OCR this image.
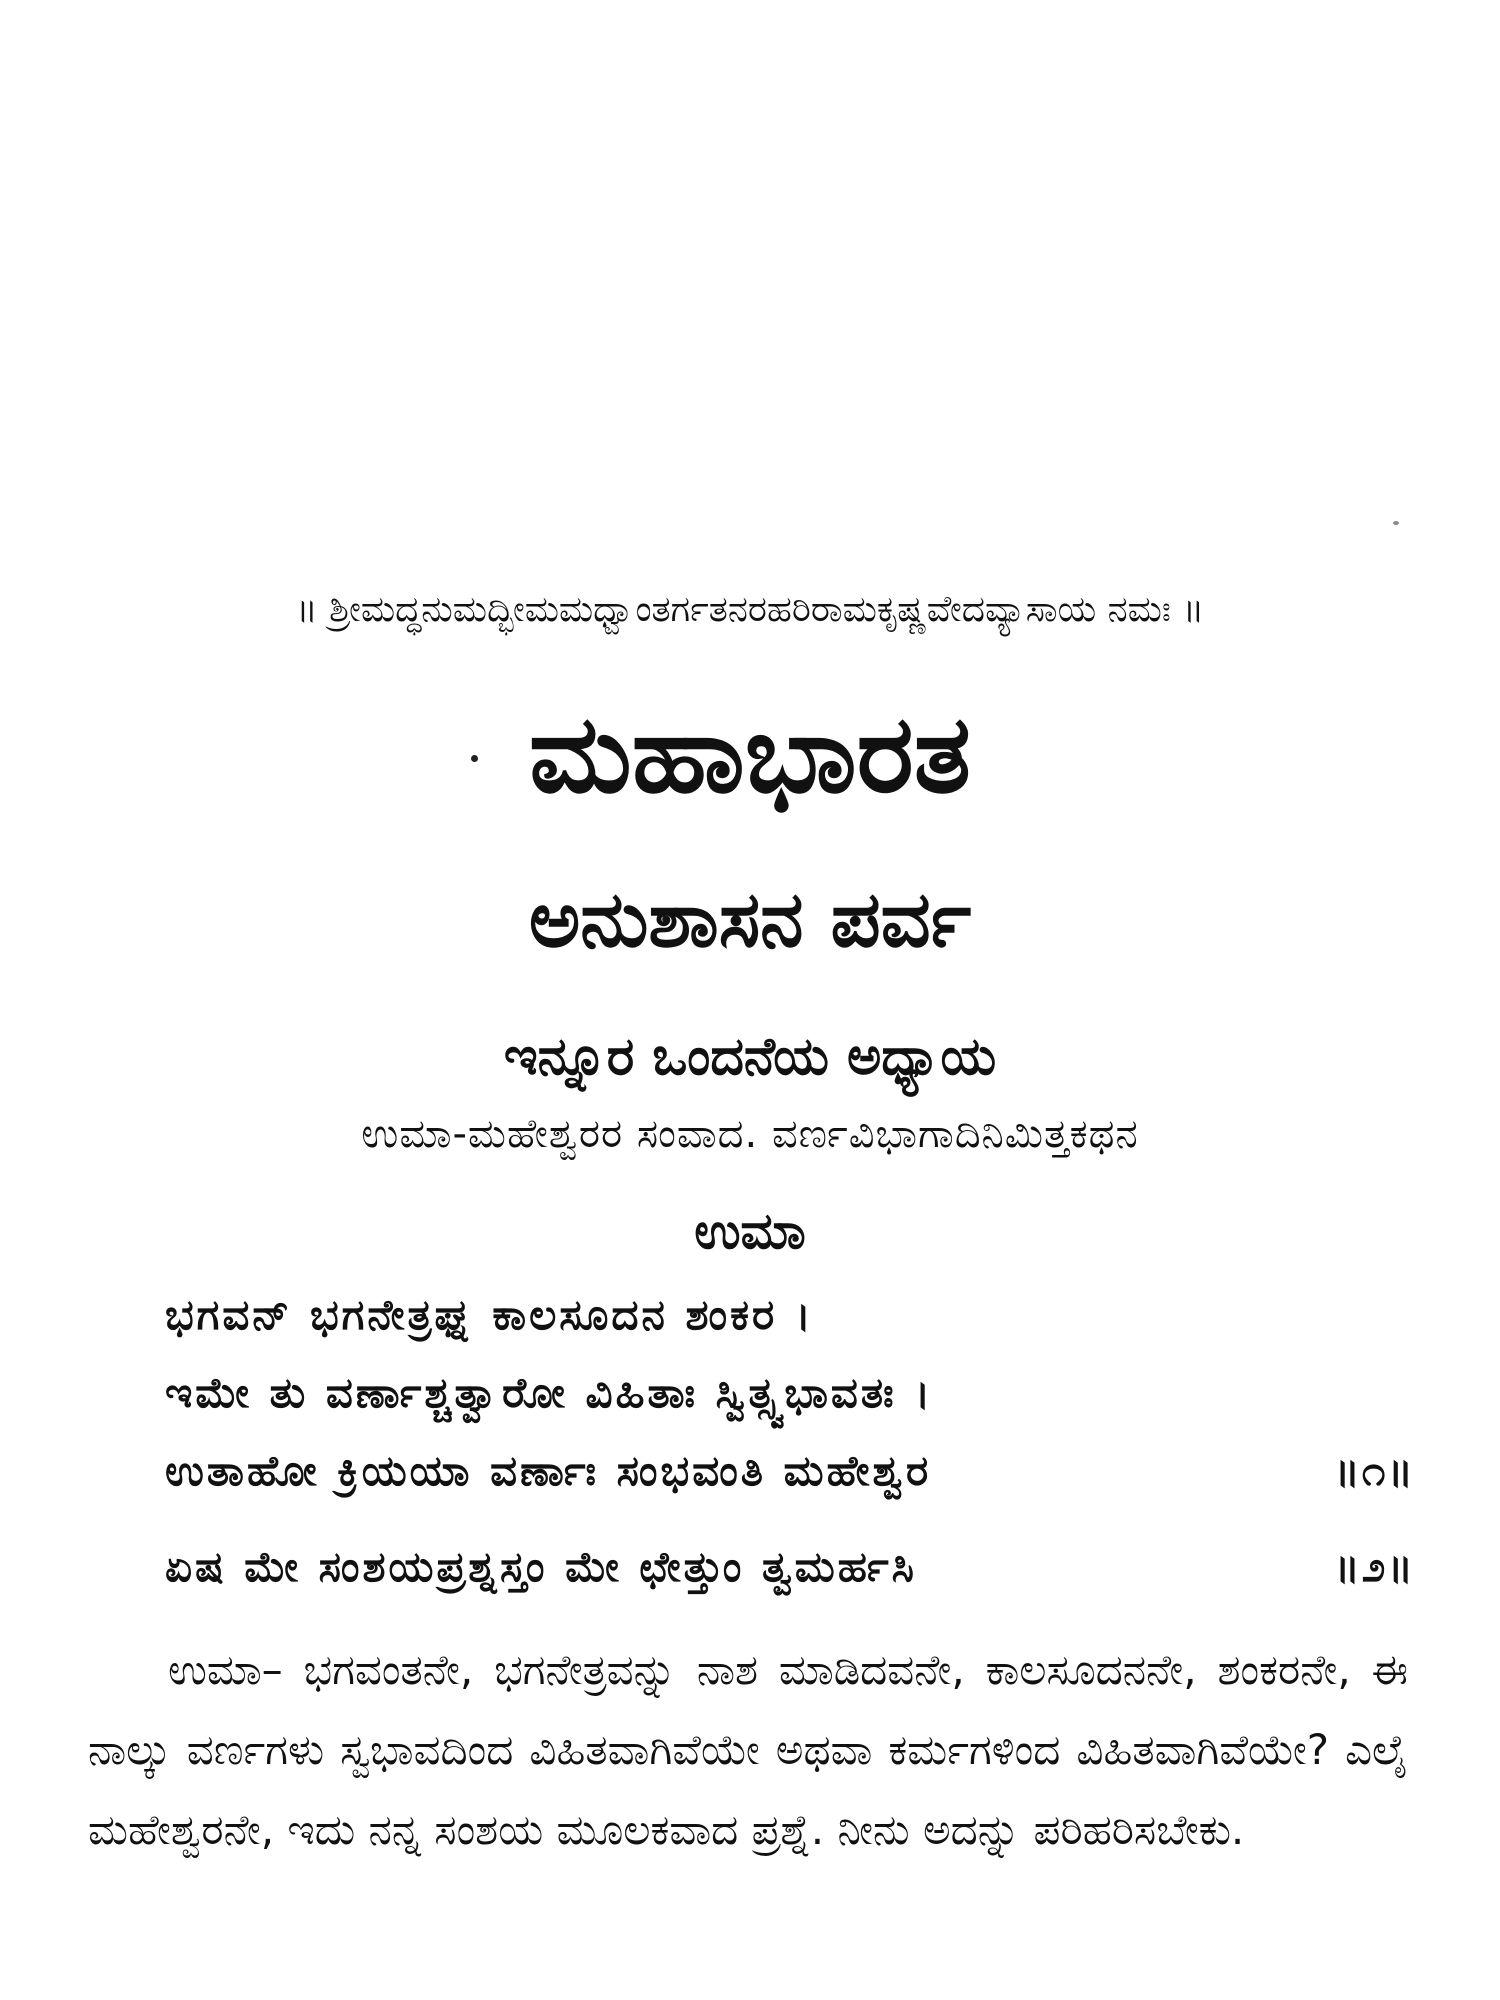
॥ ಶ್ರೀಮದ್ಧನುಮದ್ಭೀಮಮಧ್ವಾಂತರ್ಗತನರಹರಿರಾಮಕೃಷ್ಣವೇದವ್ಯಾಸಾಯ ನಮಃ ॥
ಮಹಾಭಾರತ
ಅನುಶಾಸನ ಪರ್ವ
ಇನ್ನೂರ ಒಂದನೆಯ ಅಧ್ಯಾಯ
ಉಮಾ-ಮಹೇಶ್ವರರ ಸಂವಾದ. ವರ್ಣವಿಭಾಗಾದಿನಿಮಿತ್ತಕಥನ
ಉಮಾ
ಭಗವನ್ ಭಗನೇತ್ರಘ್ನ ಕಾಲಸೂದನ ಶಂಕರ ।
ಇಮೇ ತು ವರ್ಣಾಶ್ಚತ್ವಾರೋ ವಿಹಿತಾಃ ಸ್ವಿತ್ಸ್ವಭಾವತಃ ।
ಉತಾಹೋ ಕ್ರಿಯಯಾ ವರ್ಣಾಃ ಸಂಭವಂತಿ ಮಹೇಶ್ವರ	॥೧॥
ಏಷ ಮೇ ಸಂಶಯಪ್ರಶ್ನಸ್ತಂ ಮೇ ಛೇತ್ತುಂ ತ್ವಮರ್ಹಸಿ	॥೨॥
ಉಮಾ– ಭಗವಂತನೇ, ಭಗನೇತ್ರವನ್ನು ನಾಶ ಮಾಡಿದವನೇ, ಕಾಲಸೂದನನೇ, ಶಂಕರನೇ, ಈ ನಾಲ್ಕು ವರ್ಣಗಳು ಸ್ವಭಾವದಿಂದ ವಿಹಿತವಾಗಿವೆಯೇ ಅಥವಾ ಕರ್ಮಗಳಿಂದ ವಿಹಿತವಾಗಿವೆಯೇ? ಎಲೈ ಮಹೇಶ್ವರನೇ, ಇದು ನನ್ನ ಸಂಶಯ ಮೂಲಕವಾದ ಪ್ರಶ್ನೆ. ನೀನು ಅದನ್ನು ಪರಿಹರಿಸಬೇಕು.
